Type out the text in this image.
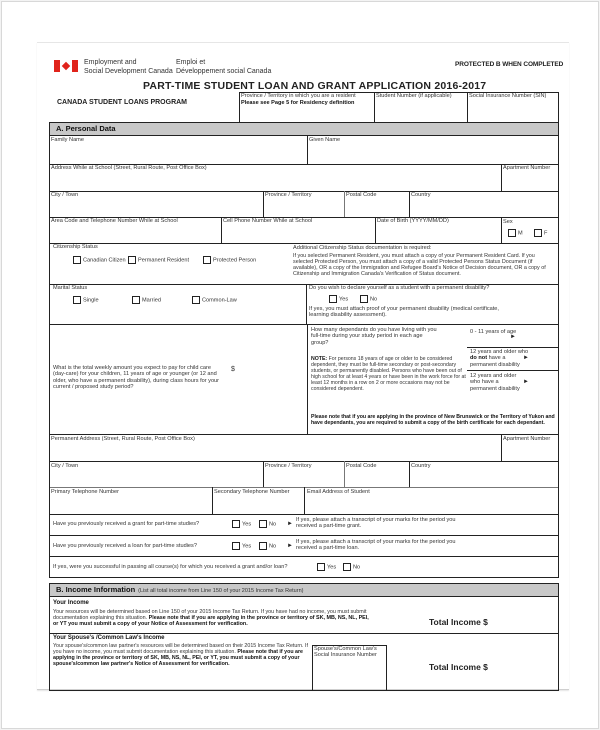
Employment and
Social Development Canada
Emploi et
Développement social Canada
PROTECTED B WHEN COMPLETED
PART-TIME STUDENT LOAN AND GRANT APPLICATION 2016-2017
CANADA STUDENT LOANS PROGRAM
Province / Territory in which you are a resident
Please see Page 5 for Residency definition
Student Number (if applicable)	Social Insurance Number (SIN)
A. Personal Data
Family Name	Given Name
Address While at School (Street, Rural Route, Post Office Box)	Apartment Number
City / Town	Province / Territory	Postal Code	Country
Area Code and Telephone Number While at School	Cell Phone Number While at School	Date of Birth (YYYY/MM/DD)	Sex
M	F
Citizenship Status
Canadian Citizen	Permanent Resident	Protected Person
Additional Citizenship Status documentation is required:
If you selected Permanent Resident, you must attach a copy of your Permanent Resident Card. If you selected Protected Person, you must attach a copy of a valid Protected Persons Status Document (if available), OR a copy of the Immigration and Refugee Board's Notice of Decision document, OR a copy of Citizenship and Immigration Canada's Verification of Status document.
Marital Status
Single	Married	Common-Law
Do you wish to declare yourself as a student with a permanent disability?
Yes	No
If yes, you must attach proof of your permanent disability (medical certificate, learning disability assessment).
What is the total weekly amount you expect to pay for child care (day-care) for your children, 11 years of age or younger (or 12 and older, who have a permanent disability), during class hours for your current / proposed study period?
$
How many dependants do you have living with you full-time during your study period in each age group?
NOTE: For persons 18 years of age or older to be considered dependent, they must be full-time secondary or post-secondary students, or permanently disabled. Persons who have been out of high school for at least 4 years or have been in the work force for at least 12 months in a row on 2 or more occasions may not be considered dependent.
0 - 11 years of age
►
12 years and older who do not have a permanent disability
►
12 years and older who have a permanent disability
►
Please note that if you are applying in the province of New Brunswick or the Territory of Yukon and have dependants, you are required to submit a copy of the birth certificate for each dependant.
Permanent Address (Street, Rural Route, Post Office Box)	Apartment Number
City / Town	Province / Territory	Postal Code	Country
Primary Telephone Number	Secondary Telephone Number	Email Address of Student
Have you previously received a grant for part-time studies?	Yes	No ►
If yes, please attach a transcript of your marks for the period you received a part-time grant.
Have you previously received a loan for part-time studies?	Yes	No ►
If yes, please attach a transcript of your marks for the period you received a part-time loan.
If yes, were you successful in passing all course(s) for which you received a grant and/or loan?	Yes	No
B. Income Information (List all total income from Line 150 of your 2015 Income Tax Return)
Your Income
Your resources will be determined based on Line 150 of your 2015 Income Tax Return. If you have had no income, you must submit documentation explaining this situation. Please note that if you are applying in the province or territory of SK, MB, NS, NL, PEI, or YT you must submit a copy of your Notice of Assessment for verification.	Total Income $
Your Spouse's /Common Law's Income
Your spouse's/common law partner's resources will be determined based on their 2015 Income Tax Return. If you have no income, you must submit documentation explaining this situation. Please note that if you are applying in the province or territory of SK, MB, NS, NL, PEI, or YT, you must submit a copy of your spouse's/common law partner's Notice of Assessment for verification.
Spouse's/Common Law's Social Insurance Number
Total Income $
